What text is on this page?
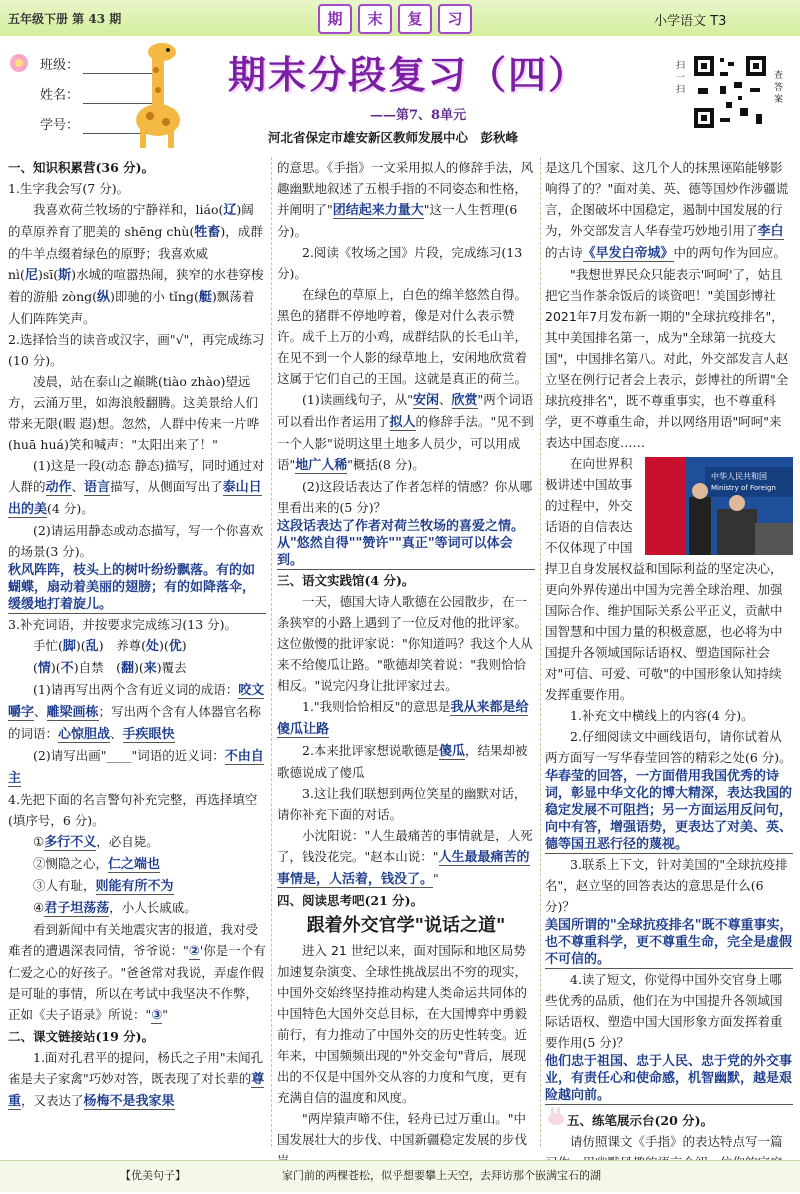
五年级下册 第 43 期	期	末	复	习	小学语文 T3
班级：
姓名：
学号：
期末分段复习（四）
——第7、8单元
河北省保定市雄安新区教师发展中心　彭秋峰
扫一扫
查答案

一、知识积累营(36 分)。

1.生字我会写(7 分)。

我喜欢荷兰牧场的宁静祥和，liáo(辽)阔的草原养育了肥美的 shēng chù(牲畜)，成群的牛羊点缀着绿色的原野；我喜欢威 nì(尼)sī(斯)水城的喧嚣热闹，狭窄的水巷穿梭着的游船 zòng(纵)即驰的小 tǐng(艇)飘荡着人们阵阵笑声。

2.选择恰当的读音或汉字，画"√"，再完成练习(10 分)。

凌晨，站在泰山之巅眺(tiào zhào)望远方，云涌万里，如海浪般翻腾。这美景给人们带来无限(暇 遐)想。忽然，人群中传来一片哗(huā huá)笑和喊声："太阳出来了！"

(1)这是一段(动态 静态)描写，同时通过对人群的动作、语言描写，从侧面写出了泰山日出的美(4 分)。

(2)请运用静态或动态描写，写一个你喜欢的场景(3 分)。

秋风阵阵，枝头上的树叶纷纷飘落。有的如蝴蝶，扇动着美丽的翅膀；有的如降落伞，缓缓地打着旋儿。

3.补充词语，并按要求完成练习(13 分)。

手忙(脚)(乱)　养尊(处)(优)

(情)(不)自禁　(翻)(来)覆去

(1)请再写出两个含有近义词的成语：咬文嚼字、雕梁画栋；写出两个含有人体器官名称的词语：心惊胆战、手疾眼快

(2)请写出画"____"词语的近义词：不由自主

4.先把下面的名言警句补充完整，再选择填空(填序号，6 分)。

①多行不义，必自毙。

②恻隐之心，仁之端也

③人有耻，则能有所不为

④君子坦荡荡，小人长戚戚。

看到新闻中有关地震灾害的报道，我对受难者的遭遇深表同情，爷爷说："②'你是一个有仁爱之心的好孩子。"爸爸常对我说，弄虚作假是可耻的事情，所以在考试中我坚决不作弊，正如《夫子语录》所说："③"

二、课文链接站(19 分)。

1.面对孔君平的提问，杨氏之子用"未闻孔雀是夫子家禽"巧妙对答，既表现了对长辈的尊重，又表达了杨梅不是我家果

的意思。《手指》一文采用拟人的修辞手法，风趣幽默地叙述了五根手指的不同姿态和性格，并阐明了"团结起来力量大"这一人生哲理(6 分)。

2.阅读《牧场之国》片段，完成练习(13 分)。

在绿色的草原上，白色的绵羊悠然自得。黑色的猪群不停地哼着，像是对什么表示赞许。成千上万的小鸡，成群结队的长毛山羊，在见不到一个人影的绿草地上，安闲地欣赏着这属于它们自己的王国。这就是真正的荷兰。

(1)读画线句子，从"安闲、欣赏"两个词语可以看出作者运用了拟人的修辞手法。"见不到一个人影"说明这里土地多人员少，可以用成语"地广人稀"概括(8 分)。

(2)这段话表达了作者怎样的情感？你从哪里看出来的(5 分)？

这段话表达了作者对荷兰牧场的喜爱之情。从"悠然自得""赞许""真正"等词可以体会到。

三、语文实践馆(4 分)。

一天，德国大诗人歌德在公园散步，在一条狭窄的小路上遇到了一位反对他的批评家。这位傲慢的批评家说："你知道吗？我这个人从来不给傻瓜让路。"歌德却笑着说："我则恰恰相反。"说完闪身让批评家过去。

1."我则恰恰相反"的意思是我从来都是给傻瓜让路

2.本来批评家想说歌德是傻瓜，结果却被歌德说成了傻瓜

3.这让我们联想到两位笑星的幽默对话，请你补充下面的对话。

小沈阳说："人生最痛苦的事情就是，人死了，钱没花完。"赵本山说："人生最最痛苦的事情是，人活着，钱没了。"

四、阅读思考吧(21 分)。

跟着外交官学"说话之道"

进入 21 世纪以来，面对国际和地区局势加速复杂演变、全球性挑战层出不穷的现实，中国外交始终坚持推动构建人类命运共同体的中国特色大国外交总目标，在大国博弈中勇毅前行，有力推动了中国外交的历史性转变。近年来，中国频频出现的"外交金句"背后，展现出的不仅是中国外交从容的力度和气度，更有充满自信的温度和风度。

"两岸猿声啼不住，轻舟已过万重山。"中国发展壮大的步伐、中国新疆稳定发展的步伐

是这几个国家、这几个人的抹黑诬陷能够影响得了的？"面对美、英、德等国炒作涉疆谎言，企图破坏中国稳定，遏制中国发展的行为，外交部发言人华春莹巧妙地引用了李白的古诗《早发白帝城》中的两句作为回应。

"我想世界民众只能表示'呵呵'了，姑且把它当作茶余饭后的谈资吧！"美国彭博社2021年7月发布新一期的"全球抗疫排名"，其中美国排名第一，成为"全球第一抗疫大国"，中国排名第八。对此，外交部发言人赵立坚在例行记者会上表示，彭博社的所谓"全球抗疫排名"，既不尊重事实，也不尊重科学，更不尊重生命，并以网络用语"呵呵"来表达中国态度……

中华人民共和国
Ministry of Foreign

在向世界积极讲述中国故事的过程中，外交话语的自信表达不仅体现了中国捍卫自身发展权益和国际利益的坚定决心，更向外界传递出中国为完善全球治理、加强国际合作、维护国际关系公平正义，贡献中国智慧和中国力量的积极意愿，也必将为中国提升各领域国际话语权、塑造国际社会对"可信、可爱、可敬"的中国形象认知持续发挥重要作用。

1.补充文中横线上的内容(4 分)。

2.仔细阅读文中画线语句，请你试着从两方面写一写华春莹回答的精彩之处(6 分)。

华春莹的回答，一方面借用我国优秀的诗词，彰显中华文化的博大精深，表达我国的稳定发展不可阻挡；另一方面运用反问句，向中有答，增强语势，更表达了对美、英、德等国丑恶行径的蔑视。

3.联系上下文，针对美国的"全球抗疫排名"，赵立坚的回答表达的意思是什么(6 分)？

美国所谓的"全球抗疫排名"既不尊重事实，也不尊重科学，更不尊重生命，完全是虚假不可信的。

4.读了短文，你觉得中国外交官身上哪些优秀的品质，他们在为中国提升各领域国际话语权、塑造中国大国形象方面发挥着重要作用(5 分)？

他们忠于祖国、忠于人民、忠于党的外交事业，有责任心和使命感，机智幽默，越是艰险越向前。

五、练笔展示台(20 分)。

请仿照课文《手指》的表达特点写一篇

【优美句子】	家门前的两棵苍松，似乎想要攀上天空，去拜访那个嵌满宝石的湖
